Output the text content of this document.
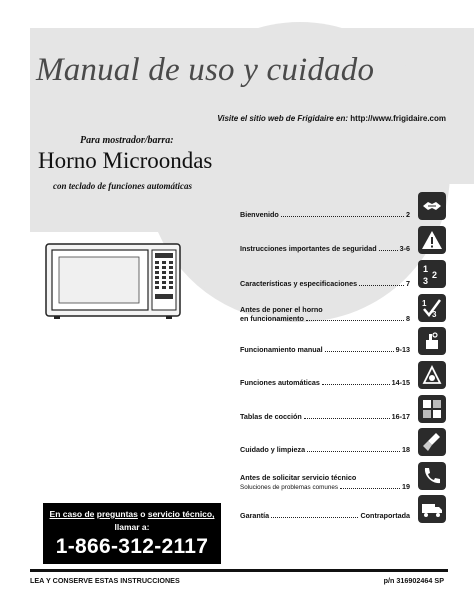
Manual de uso y cuidado
Visite el sitio web de Frigidaire en: http://www.frigidaire.com
Para mostrador/barra:
Horno Microondas
con teclado de funciones automáticas
Bienvenido	2
Instrucciones importantes de seguridad	3-6
Características y especificaciones	7
Antes de poner el horno
en funcionamiento	8
Funcionamiento manual	9-13
Funciones automáticas	14-15
Tablas de cocción	16-17
Cuidado y limpieza	18
Antes de solicitar servicio técnico
Soluciones de problemas comunes	19
Garantía	Contraportada
1
2
3
1
3
En caso de preguntas o servicio técnico,
llamar a:
1-866-312-2117
LEA Y CONSERVE ESTAS INSTRUCCIONES	p/n 316902464 SP
